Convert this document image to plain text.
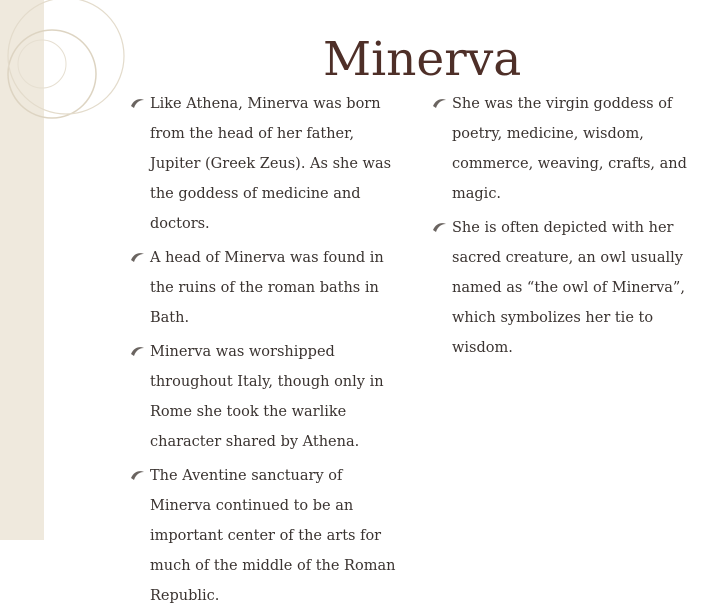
Minerva
Like Athena, Minerva was born from the head of her father, Jupiter (Greek Zeus). As she was the goddess of medicine and doctors.
A head of Minerva was found in the ruins of the roman baths in Bath.
Minerva was worshipped throughout Italy, though only in Rome she took the warlike character shared by Athena.
The Aventine sanctuary of Minerva continued to be an important center of the arts for much of the middle of the Roman Republic.
She was the virgin goddess of poetry, medicine, wisdom, commerce, weaving, crafts, and magic.
She is often depicted with her sacred creature, an owl usually named as “the owl of Minerva”, which symbolizes her tie to wisdom.
